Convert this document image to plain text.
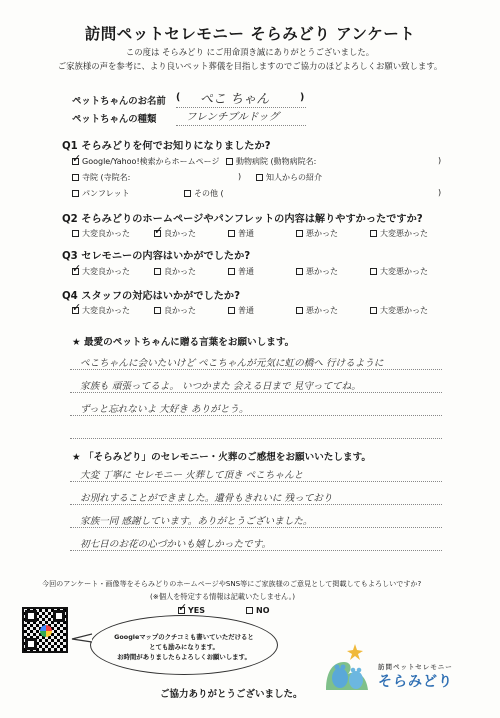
訪問ペットセレモニー そらみどり アンケート
この度は そらみどり にご用命頂き誠にありがとうございました。
ご家族様の声を参考に、より良いペット葬儀を目指しますのでご協力のほどよろしくお願い致します。
ペットちゃんのお名前 ( ぺこ ちゃん	)
ペットちゃんの種類	フレンチブルドッグ
Q1 そらみどりを何でお知りになりましたか?
✓
Google/Yahoo!検索からホームページ 動物病院 (動物病院名:	)
寺院 (寺院名:	)	知人からの紹介
パンフレット	その他 (	)
Q2 そらみどりのホームページやパンフレットの内容は解りやすかったですか?
大変良かった
✓	良かった	普通	悪かった	大変悪かった
Q3 セレモニーの内容はいかがでしたか?
✓
大変良かった	良かった	普通	悪かった	大変悪かった
Q4 スタッフの対応はいかがでしたか?
✓
大変良かった	良かった	普通	悪かった	大変悪かった
★ 最愛のペットちゃんに贈る言葉をお願いします。
ぺこちゃんに会いたいけど ぺこちゃんが元気に虹の橋へ 行けるように
家族も 頑張ってるよ。 いつかまた 会える日まで 見守っててね。
ずっと忘れないよ 大好き ありがとう。
★ 「そらみどり」のセレモニー・火葬のご感想をお願いいたします。
大変 丁寧に セレモニー 火葬して頂き ぺこちゃんと
お別れすることができました。遺骨もきれいに 残っており
家族一同 感謝しています。ありがとうございました。
初七日のお花の心づかいも嬉しかったです。
今回のアンケート・画像等をそらみどりのホームページやSNS等にご家族様のご意見として掲載してもよろしいですか?
(※個人を特定する情報は記載いたしません。)
✓
YES	NO
Googleマップのクチコミも書いていただけると
とても励みになります。
お時間がありましたらよろしくお願いします。
ご協力ありがとうございました。
訪問ペットセレモニー
そらみどり
